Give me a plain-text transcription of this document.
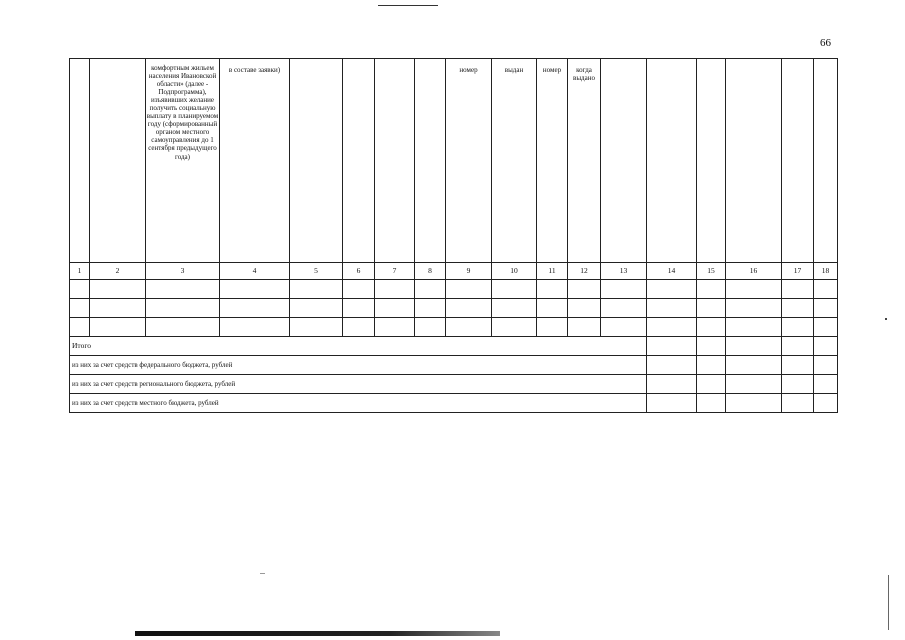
66
		комфортным жильем населения Ивановской области» (далее - Подпрограмма), изъявивших желание получить социальную выплату в планируемом году (сформированный органом местного самоуправления до 1 сентября предыдущего года)	в составе заявки)					номер	выдан	номер	когда выдано						
1	2	3	4	5	6	7	8	9	10	11	12	13	14	15	16	17	18

Итого																	
из них за счет средств федерального бюджета, рублей																	
из них за счет средств регионального бюджета, рублей																	
из них за счет средств местного бюджета, рублей																	
